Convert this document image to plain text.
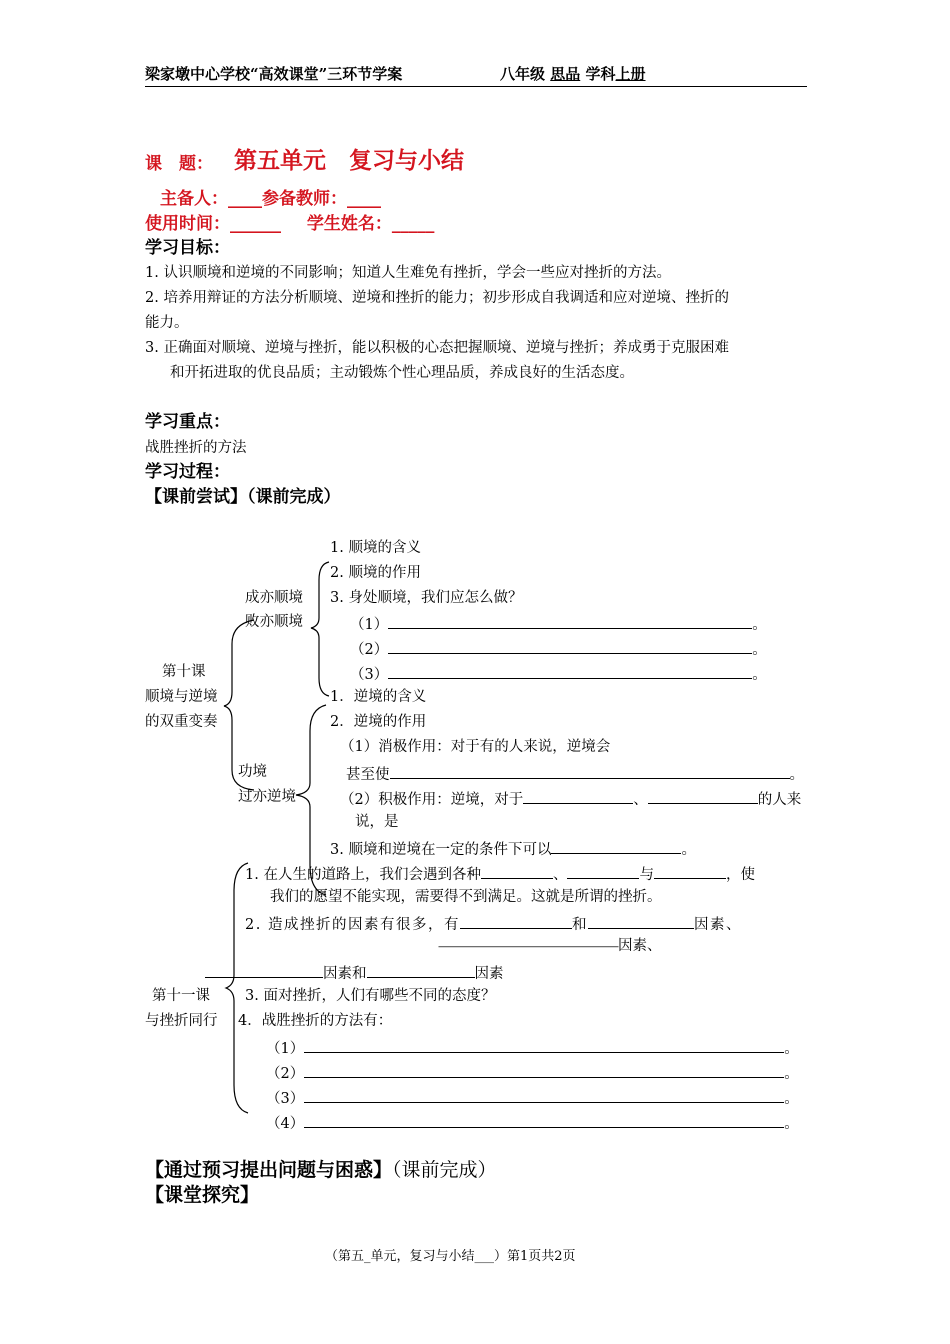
梁家墩中心学校“高效课堂”三环节学案	八年级 思品 学科上册
课　题： 第五单元　复习与小结
主备人：____参备教师：____
使用时间：______ 学生姓名：_____
学习目标：
1. 认识顺境和逆境的不同影响；知道人生难免有挫折，学会一些应对挫折的方法。
2. 培养用辩证的方法分析顺境、逆境和挫折的能力；初步形成自我调适和应对逆境、挫折的
能力。
3. 正确面对顺境、逆境与挫折，能以积极的心态把握顺境、逆境与挫折；养成勇于克服困难
和开拓进取的优良品质；主动锻炼个性心理品质，养成良好的生活态度。
学习重点：
战胜挫折的方法
学习过程：
【课前尝试】（课前完成）
第十课
顺境与逆境
的双重变奏
成亦顺境
败亦顺境
1. 顺境的含义
2. 顺境的作用
3. 身处顺境，我们应怎么做？
（1）	。
（2）	。
（3）	。
功境
过亦逆境
1．逆境的含义
2．逆境的作用
（1）消极作用：对于有的人来说，逆境会
甚至使	。
（2）积极作用：逆境，对于	、	的人来
说，是
3. 顺境和逆境在一定的条件下可以	。
第十一课
与挫折同行
1. 在人生的道路上，我们会遇到各种	、	与	，使
我们的愿望不能实现，需要得不到满足。这就是所谓的挫折。
2. 造成挫折的因素有很多，有	和	因素、
——————————————————因素、
因素和	因素
3. 面对挫折，人们有哪些不同的态度？
4．战胜挫折的方法有：
（1）	。
（2）	。
（3）	。
（4）	。
【通过预习提出问题与困惑】（课前完成）
【课堂探究】
（第五_单元，复习与小结___）第1页共2页
